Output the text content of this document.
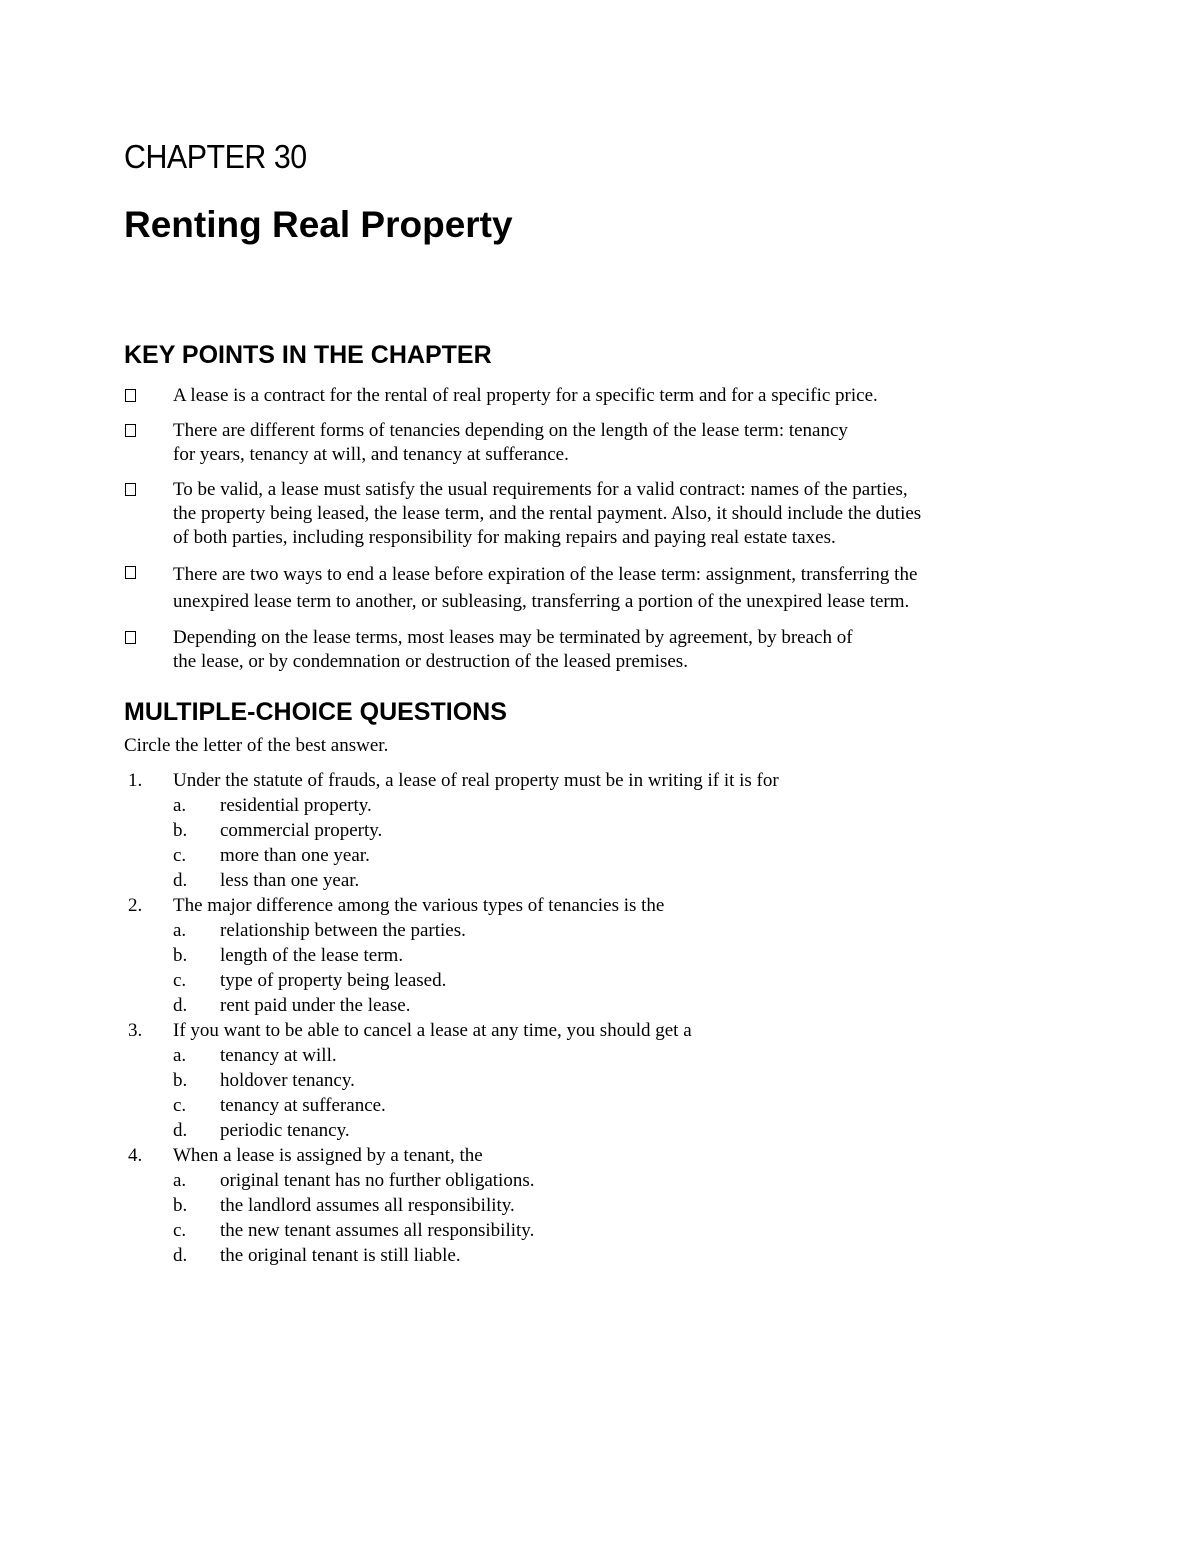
CHAPTER 30
Renting Real Property
KEY POINTS IN THE CHAPTER
A lease is a contract for the rental of real property for a specific term and for a specific price.
There are different forms of tenancies depending on the length of the lease term: tenancy
for years, tenancy at will, and tenancy at sufferance.
To be valid, a lease must satisfy the usual requirements for a valid contract: names of the parties,
the property being leased, the lease term, and the rental payment. Also, it should include the duties
of both parties, including responsibility for making repairs and paying real estate taxes.
There are two ways to end a lease before expiration of the lease term: assignment, transferring the
unexpired lease term to another, or subleasing, transferring a portion of the unexpired lease term.
Depending on the lease terms, most leases may be terminated by agreement, by breach of
the lease, or by condemnation or destruction of the leased premises.
MULTIPLE-CHOICE QUESTIONS
Circle the letter of the best answer.
1. Under the statute of frauds, a lease of real property must be in writing if it is for
a. residential property.
b. commercial property.
c. more than one year.
d. less than one year.
2. The major difference among the various types of tenancies is the
a. relationship between the parties.
b. length of the lease term.
c. type of property being leased.
d. rent paid under the lease.
3. If you want to be able to cancel a lease at any time, you should get a
a. tenancy at will.
b. holdover tenancy.
c. tenancy at sufferance.
d. periodic tenancy.
4. When a lease is assigned by a tenant, the
a. original tenant has no further obligations.
b. the landlord assumes all responsibility.
c. the new tenant assumes all responsibility.
d. the original tenant is still liable.
